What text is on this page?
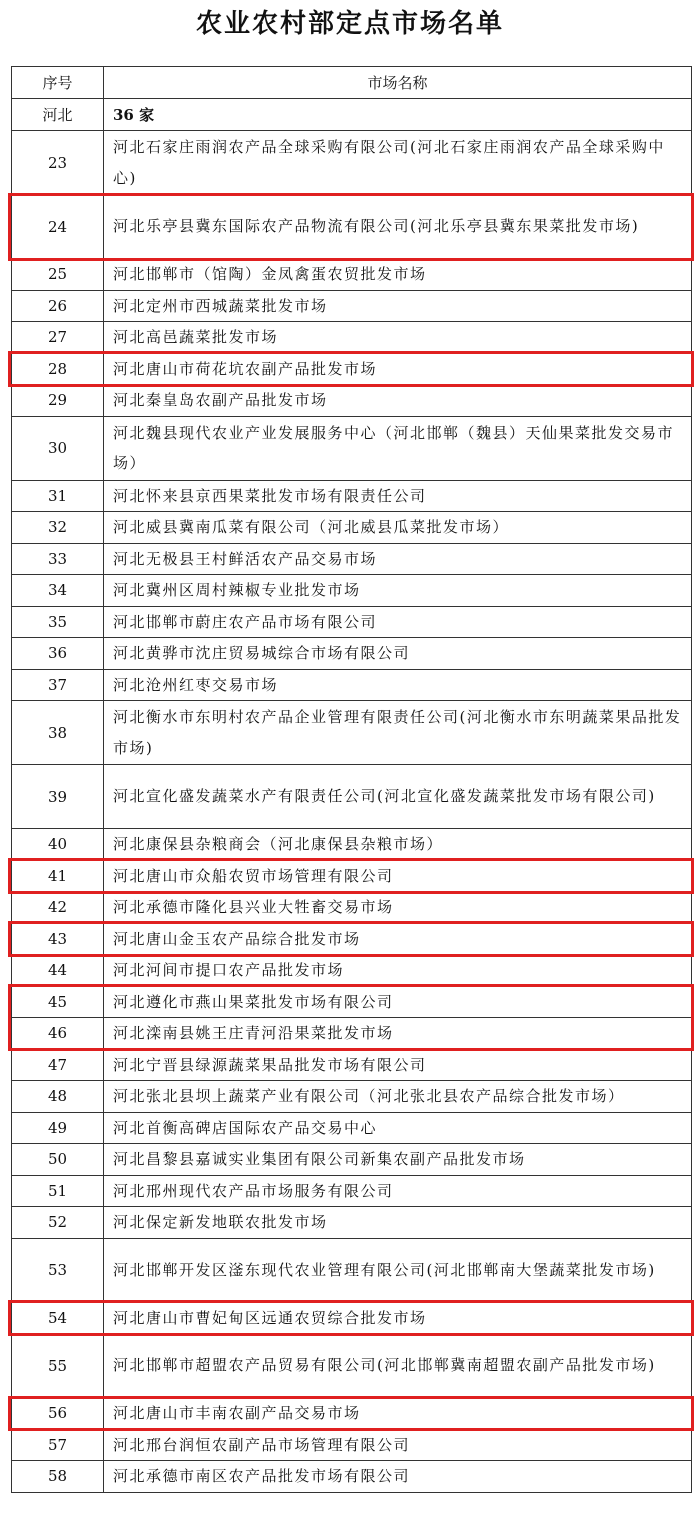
农业农村部定点市场名单
序号	市场名称
河北	36 家
23	河北石家庄雨润农产品全球采购有限公司(河北石家庄雨润农产品全球采购中心)
24	河北乐亭县冀东国际农产品物流有限公司(河北乐亭县冀东果菜批发市场)
25	河北邯郸市（馆陶）金凤禽蛋农贸批发市场
26	河北定州市西城蔬菜批发市场
27	河北高邑蔬菜批发市场
28	河北唐山市荷花坑农副产品批发市场
29	河北秦皇岛农副产品批发市场
30	河北魏县现代农业产业发展服务中心（河北邯郸（魏县）天仙果菜批发交易市场）
31	河北怀来县京西果菜批发市场有限责任公司
32	河北威县冀南瓜菜有限公司（河北威县瓜菜批发市场）
33	河北无极县王村鲜活农产品交易市场
34	河北冀州区周村辣椒专业批发市场
35	河北邯郸市蔚庄农产品市场有限公司
36	河北黄骅市沈庄贸易城综合市场有限公司
37	河北沧州红枣交易市场
38	河北衡水市东明村农产品企业管理有限责任公司(河北衡水市东明蔬菜果品批发市场)
39	河北宣化盛发蔬菜水产有限责任公司(河北宣化盛发蔬菜批发市场有限公司)
40	河北康保县杂粮商会（河北康保县杂粮市场）
41	河北唐山市众船农贸市场管理有限公司
42	河北承德市隆化县兴业大牲畜交易市场
43	河北唐山金玉农产品综合批发市场
44	河北河间市提口农产品批发市场
45	河北遵化市燕山果菜批发市场有限公司
46	河北滦南县姚王庄青河沿果菜批发市场
47	河北宁晋县绿源蔬菜果品批发市场有限公司
48	河北张北县坝上蔬菜产业有限公司（河北张北县农产品综合批发市场）
49	河北首衡高碑店国际农产品交易中心
50	河北昌黎县嘉诚实业集团有限公司新集农副产品批发市场
51	河北邢州现代农产品市场服务有限公司
52	河北保定新发地联农批发市场
53	河北邯郸开发区滏东现代农业管理有限公司(河北邯郸南大堡蔬菜批发市场)
54	河北唐山市曹妃甸区远通农贸综合批发市场
55	河北邯郸市超盟农产品贸易有限公司(河北邯郸冀南超盟农副产品批发市场)
56	河北唐山市丰南农副产品交易市场
57	河北邢台润恒农副产品市场管理有限公司
58	河北承德市南区农产品批发市场有限公司
